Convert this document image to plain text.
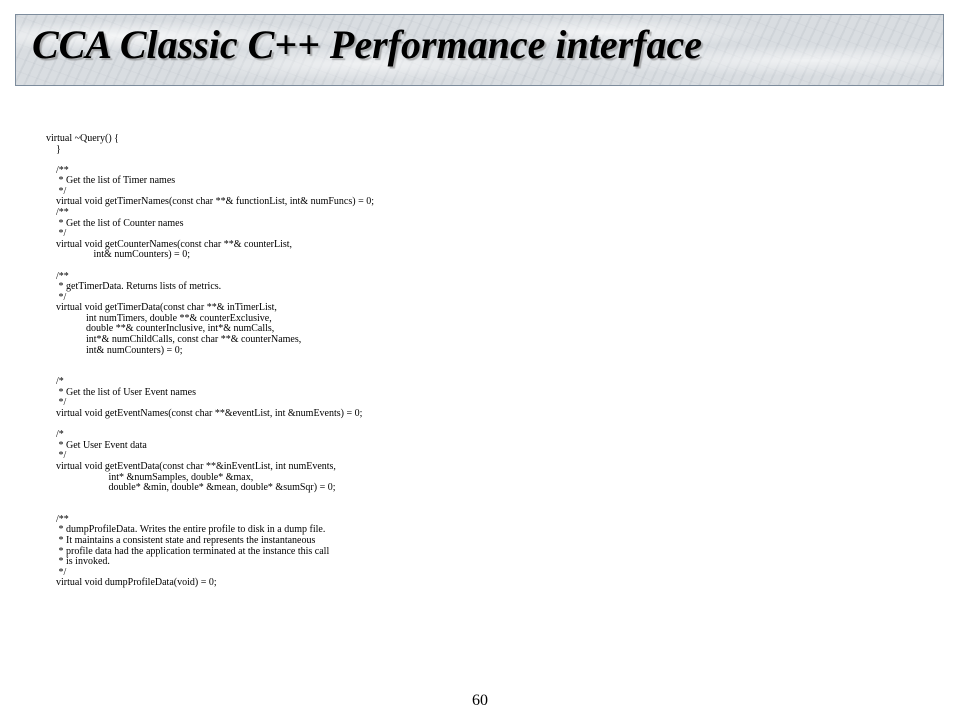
CCA Classic C++ Performance interface
virtual ~Query() {
}
/**
* Get the list of Timer names
*/
virtual void getTimerNames(const char **& functionList, int& numFuncs) = 0;
/**
* Get the list of Counter names
*/
virtual void getCounterNames(const char **& counterList,
int& numCounters) = 0;
/**
* getTimerData. Returns lists of metrics.
*/
virtual void getTimerData(const char **& inTimerList,
int numTimers, double **& counterExclusive,
double **& counterInclusive, int*& numCalls,
int*& numChildCalls, const char **& counterNames,
int& numCounters) = 0;
/*
* Get the list of User Event names
*/
virtual void getEventNames(const char **&eventList, int &numEvents) = 0;
/*
* Get User Event data
*/
virtual void getEventData(const char **&inEventList, int numEvents,
int* &numSamples, double* &max,
double* &min, double* &mean, double* &sumSqr) = 0;
/**
* dumpProfileData. Writes the entire profile to disk in a dump file.
* It maintains a consistent state and represents the instantaneous
* profile data had the application terminated at the instance this call
* is invoked.
*/
virtual void dumpProfileData(void) = 0;
60
